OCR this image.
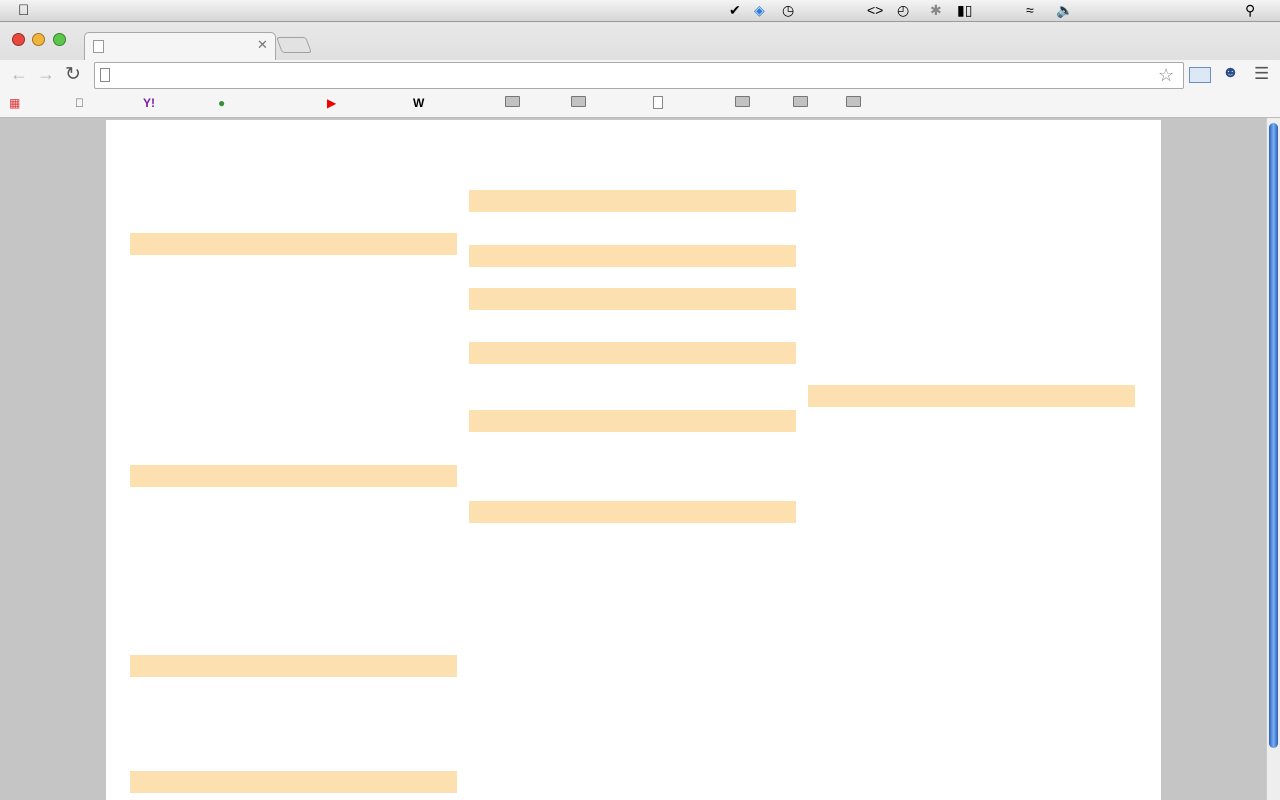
✔ ◈ ◷	<> ◴ ✱ ▮▯	≈ 🔈	⚲
✕
← → ↻	☆	☻ ☰
▦	Y!	●	▶	W
